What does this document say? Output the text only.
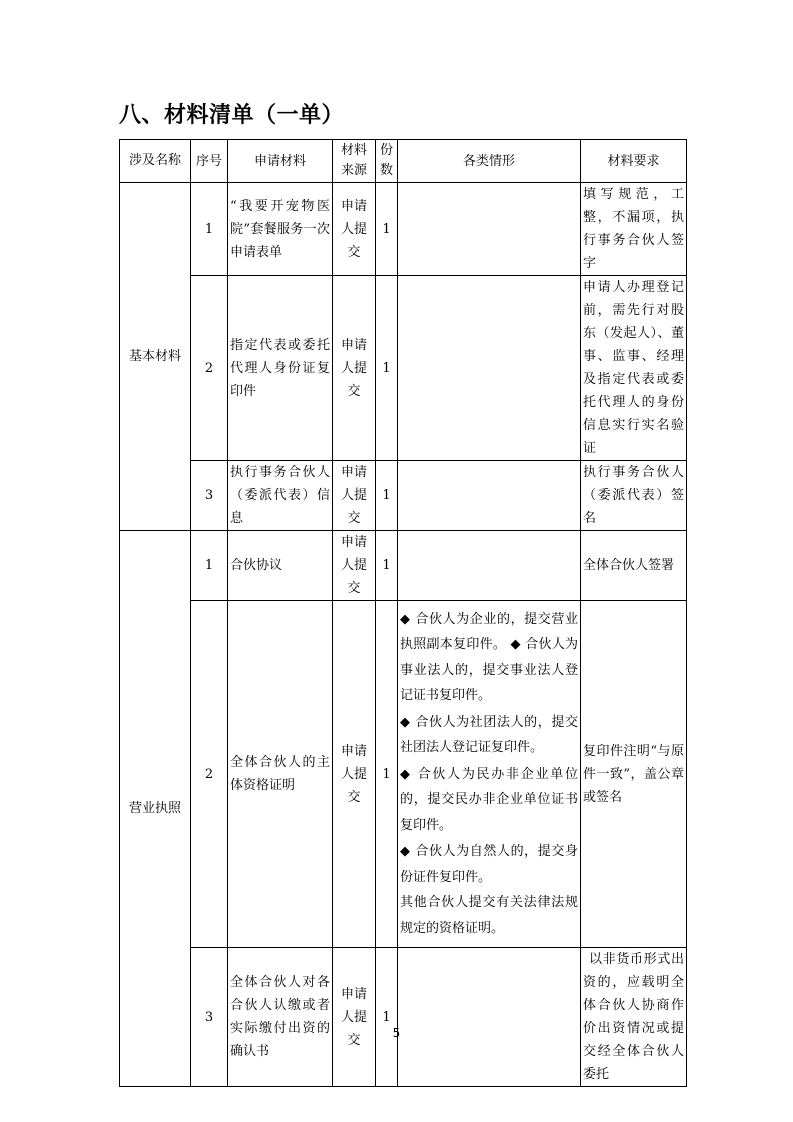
八、材料清单（一单）
涉及名称	序号	申请材料	材料来源	份数	各类情形	材料要求
基本材料	1	“我要开宠物医院”套餐服务一次申请表单	申请人提交	1		填写规范，工整，不漏项，执行事务合伙人签字
	2	指定代表或委托代理人身份证复印件	申请人提交	1		申请人办理登记前，需先行对股东（发起人）、董事、监事、经理及指定代表或委托代理人的身份信息实行实名验证
	3	执行事务合伙人（委派代表）信息	申请人提交	1		执行事务合伙人（委派代表）签名
营业执照	1	合伙协议	申请人提交	1		全体合伙人签署
	2	全体合伙人的主体资格证明	申请人提交	1	◆ 合伙人为企业的，提交营业执照副本复印件。 ◆ 合伙人为事业法人的，提交事业法人登记证书复印件。
◆ 合伙人为社团法人的，提交社团法人登记证复印件。
◆ 合伙人为民办非企业单位的，提交民办非企业单位证书复印件。
◆ 合伙人为自然人的，提交身份证件复印件。
其他合伙人提交有关法律法规规定的资格证明。	复印件注明“与原件一致”，盖公章或签名
	3	全体合伙人对各合伙人认缴或者实际缴付出资的确认书	申请人提交	1		以非货币形式出资的，应载明全体合伙人协商作价出资情况或提交经全体合伙人委托
5
